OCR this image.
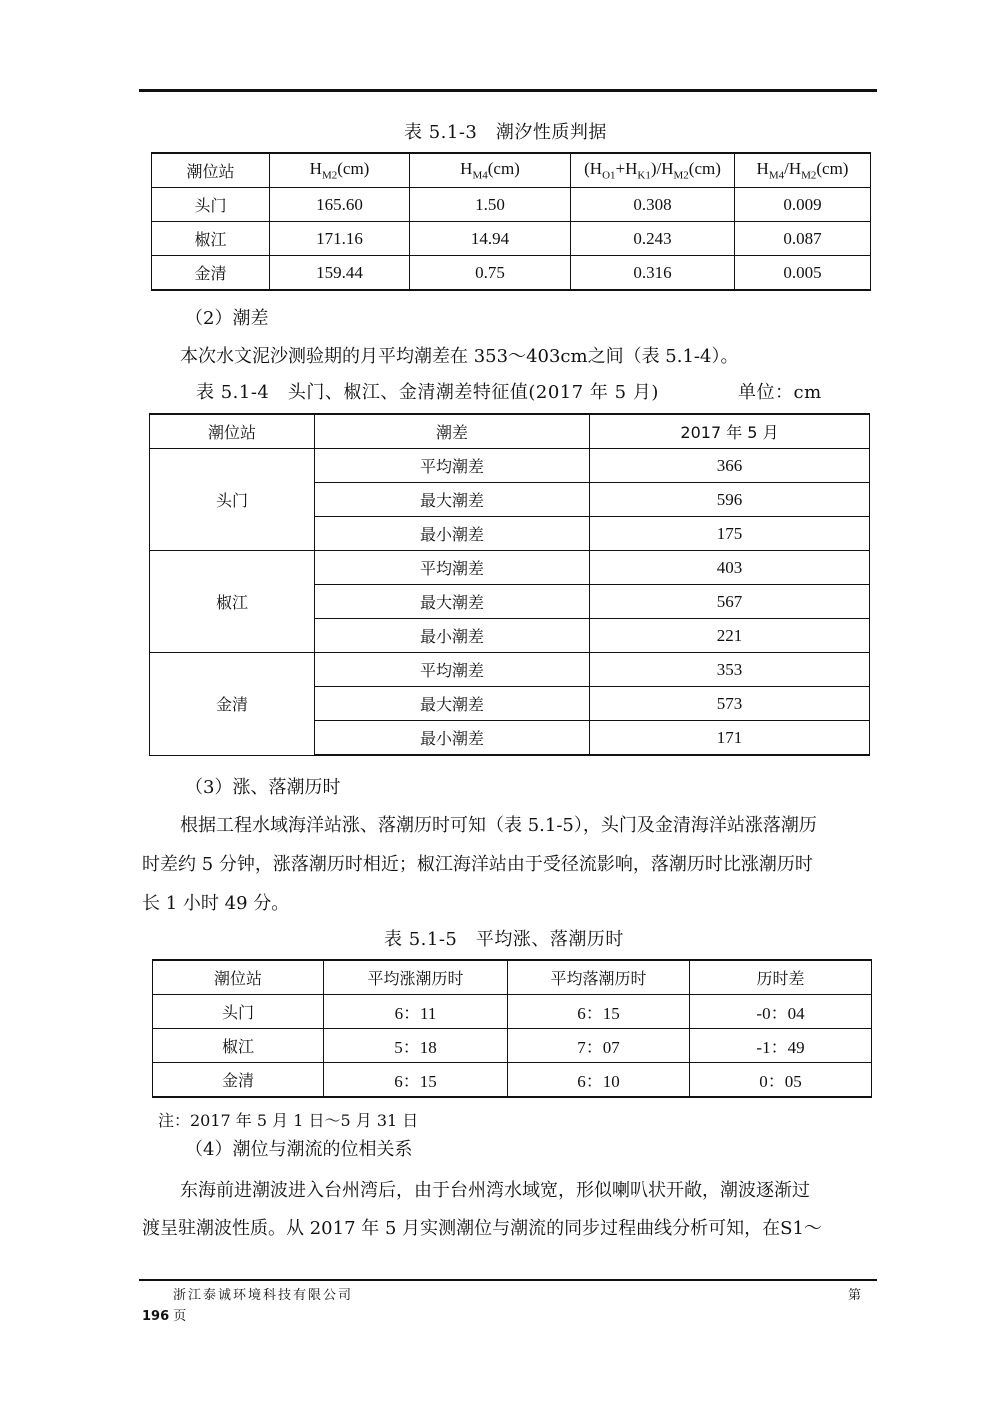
表 5.1-3　潮汐性质判据
潮位站	$H_{M2}(cm)$	$H_{M4}(cm)$	$(H_{O1}+H_{K1})/H_{M2}(cm)$	$H_{M4}/H_{M2}(cm)$
头门	165.60	1.50	0.308	0.009
椒江	171.16	14.94	0.243	0.087
金清	159.44	0.75	0.316	0.005
（2）潮差
本次水文泥沙测验期的月平均潮差在 353～403cm之间（表 5.1-4）。
表 5.1-4　头门、椒江、金清潮差特征值(2017 年 5 月)	单位：cm
潮位站	潮差	2017 年 5 月
头门	平均潮差	366
	最大潮差	596
	最小潮差	175
椒江	平均潮差	403
	最大潮差	567
	最小潮差	221
金清	平均潮差	353
	最大潮差	573
	最小潮差	171
（3）涨、落潮历时
根据工程水域海洋站涨、落潮历时可知（表 5.1-5），头门及金清海洋站涨落潮历
时差约 5 分钟，涨落潮历时相近；椒江海洋站由于受径流影响，落潮历时比涨潮历时
长 1 小时 49 分。
表 5.1-5　平均涨、落潮历时
潮位站	平均涨潮历时	平均落潮历时	历时差
头门	6：11	6：15	-0：04
椒江	5：18	7：07	-1：49
金清	6：15	6：10	0：05
注：2017 年 5 月 1 日～5 月 31 日
（4）潮位与潮流的位相关系
东海前进潮波进入台州湾后，由于台州湾水域宽，形似喇叭状开敞，潮波逐渐过
渡呈驻潮波性质。从 2017 年 5 月实测潮位与潮流的同步过程曲线分析可知，在S1～
浙江泰诚环境科技有限公司	第
196 页
